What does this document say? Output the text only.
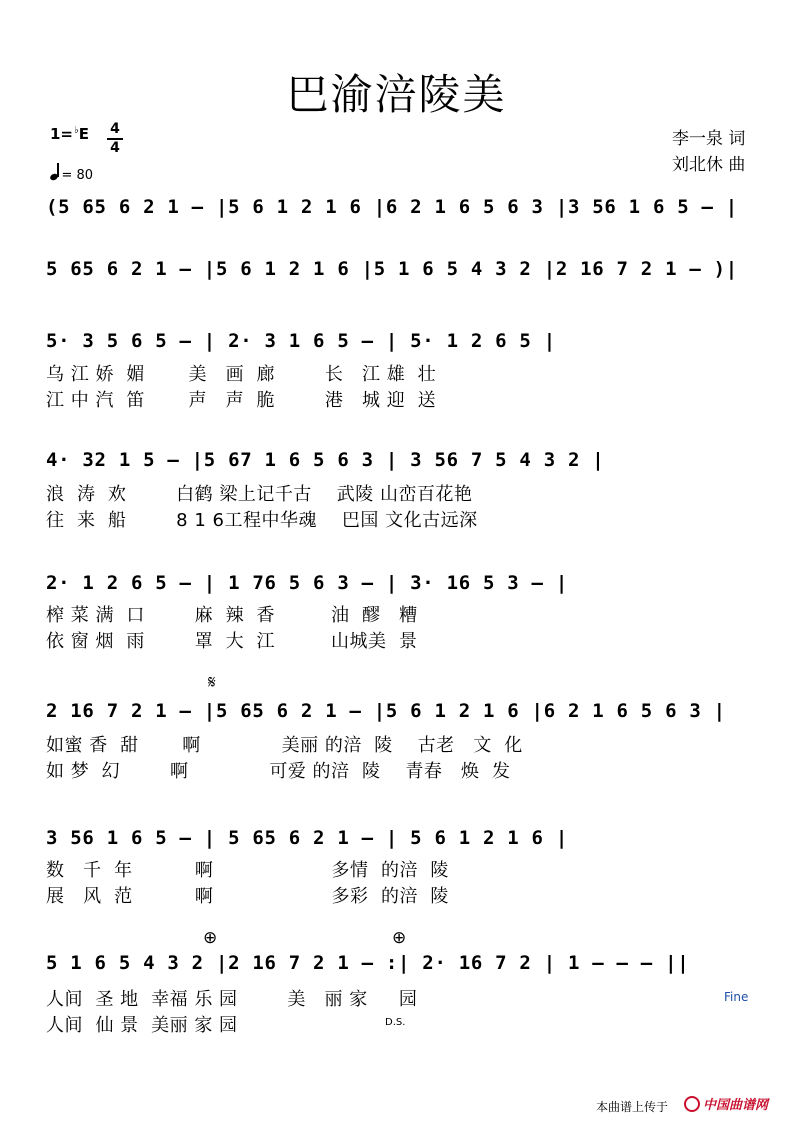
巴渝涪陵美
1=♭E 4
4
= 80
李一泉 词
刘北休 曲
(5 65 6 2 1 — |5 6 1 2 1 6 |6 2 1 6 5 6 3 |3 56 1 6 5 — |
5 65 6 2 1 — |5 6 1 2 1 6 |5 1 6 5 4 3 2 |2 16 7 2 1 — )|
5· 3 5 6 5 — | 2· 3 1 6 5 — | 5· 1 2 6 5 |
乌 江 娇  媚       美   画  廊        长   江 雄  壮
江 中 汽  笛       声   声  脆        港   城 迎  送
4· 32 1 5 — |5 67 1 6 5 6 3 | 3 56 7 5 4 3 2 |
浪  涛  欢        白鹤 梁上记千古    武陵 山峦百花艳
往  来  船        8 1 6工程中华魂    巴国 文化古远深
2· 1 2 6 5 — | 1 76 5 6 3 — | 3· 16 5 3 — |
榨 菜 满  口        麻  辣  香         油  醪   糟
依 窗 烟  雨        罩  大  江         山城美  景
𝄋
2 16 7 2 1 — |5 65 6 2 1 — |5 6 1 2 1 6 |6 2 1 6 5 6 3 |
如蜜 香  甜       啊             美丽 的涪  陵    古老   文  化
如 梦  幻        啊             可爱 的涪  陵    青春   焕  发
3 56 1 6 5 — | 5 65 6 2 1 — | 5 6 1 2 1 6 |
数   千  年          啊                   多情  的涪  陵
展   风  范          啊                   多彩  的涪  陵
⊕	⊕
5 1 6 5 4 3 2 |2 16 7 2 1 — :| 2· 16 7 2 | 1 — — — ||
人间  圣 地  幸福 乐 园        美   丽 家     园
人间  仙 景  美丽 家 园
Fine
D.S.
本曲谱上传于	中国曲谱网
